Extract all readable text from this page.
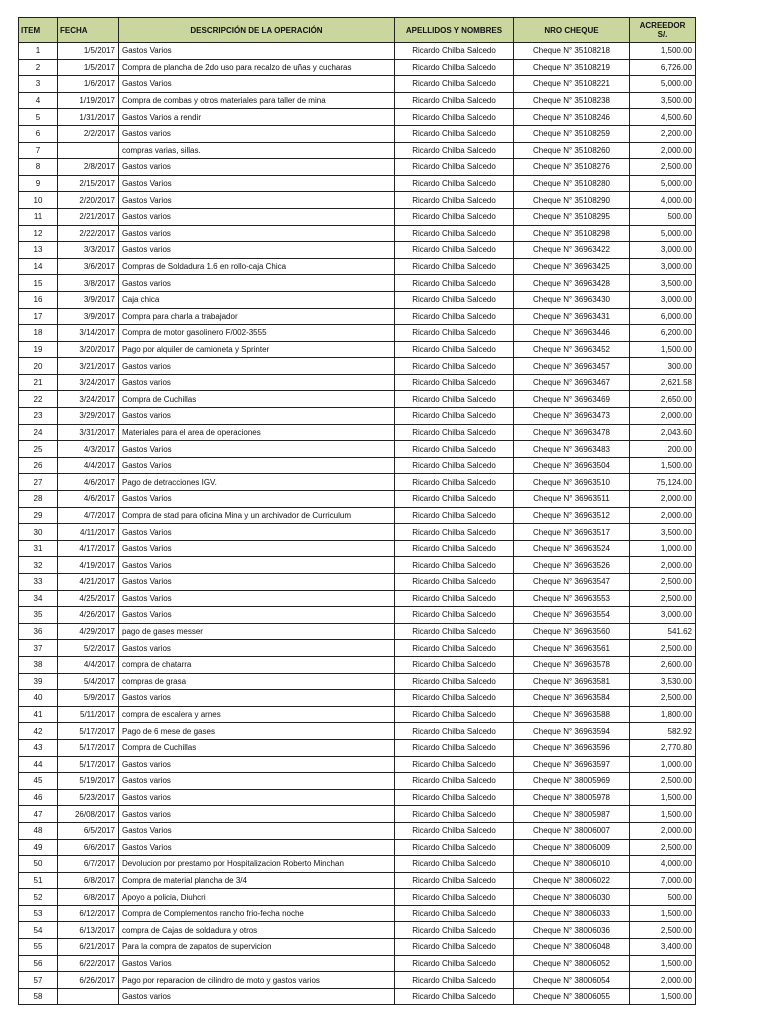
ITEM	FECHA	DESCRIPCIÓN DE LA OPERACIÓN	APELLIDOS Y NOMBRES	NRO CHEQUE	ACREEDOR
S/.
1	1/5/2017	Gastos Varios	Ricardo Chilba Salcedo	Cheque N° 35108218	1,500.00
2	1/5/2017	Compra de plancha de 2do uso para recalzo de uñas y cucharas	Ricardo Chilba Salcedo	Cheque N° 35108219	6,726.00
3	1/6/2017	Gastos Varios	Ricardo Chilba Salcedo	Cheque N° 35108221	5,000.00
4	1/19/2017	Compra de combas y otros materiales para taller de mina	Ricardo Chilba Salcedo	Cheque N° 35108238	3,500.00
5	1/31/2017	Gastos Varios a rendir	Ricardo Chilba Salcedo	Cheque N° 35108246	4,500.60
6	2/2/2017	Gastos varios	Ricardo Chilba Salcedo	Cheque N° 35108259	2,200.00
7		compras varias, sillas.	Ricardo Chilba Salcedo	Cheque N° 35108260	2,000.00
8	2/8/2017	Gastos varios	Ricardo Chilba Salcedo	Cheque N° 35108276	2,500.00
9	2/15/2017	Gastos Varios	Ricardo Chilba Salcedo	Cheque N° 35108280	5,000.00
10	2/20/2017	Gastos Varios	Ricardo Chilba Salcedo	Cheque N° 35108290	4,000.00
11	2/21/2017	Gastos varios	Ricardo Chilba Salcedo	Cheque N° 35108295	500.00
12	2/22/2017	Gastos varios	Ricardo Chilba Salcedo	Cheque N° 35108298	5,000.00
13	3/3/2017	Gastos varios	Ricardo Chilba Salcedo	Cheque N° 36963422	3,000.00
14	3/6/2017	Compras de Soldadura 1.6 en rollo-caja Chica	Ricardo Chilba Salcedo	Cheque N° 36963425	3,000.00
15	3/8/2017	Gastos varios	Ricardo Chilba Salcedo	Cheque N° 36963428	3,500.00
16	3/9/2017	Caja chica	Ricardo Chilba Salcedo	Cheque N° 36963430	3,000.00
17	3/9/2017	Compra para charla a trabajador	Ricardo Chilba Salcedo	Cheque N° 36963431	6,000.00
18	3/14/2017	Compra de motor gasolinero F/002-3555	Ricardo Chilba Salcedo	Cheque N° 36963446	6,200.00
19	3/20/2017	Pago por alquiler de camioneta y Sprinter	Ricardo Chilba Salcedo	Cheque N° 36963452	1,500.00
20	3/21/2017	Gastos varios	Ricardo Chilba Salcedo	Cheque N° 36963457	300.00
21	3/24/2017	Gastos varios	Ricardo Chilba Salcedo	Cheque N° 36963467	2,621.58
22	3/24/2017	Compra de Cuchillas	Ricardo Chilba Salcedo	Cheque N° 36963469	2,650.00
23	3/29/2017	Gastos varios	Ricardo Chilba Salcedo	Cheque N° 36963473	2,000.00
24	3/31/2017	Materiales para el area de operaciones	Ricardo Chilba Salcedo	Cheque N° 36963478	2,043.60
25	4/3/2017	Gastos Varios	Ricardo Chilba Salcedo	Cheque N° 36963483	200.00
26	4/4/2017	Gastos Varios	Ricardo Chilba Salcedo	Cheque N° 36963504	1,500.00
27	4/6/2017	Pago de detracciones IGV.	Ricardo Chilba Salcedo	Cheque N° 36963510	75,124.00
28	4/6/2017	Gastos Varios	Ricardo Chilba Salcedo	Cheque N° 36963511	2,000.00
29	4/7/2017	Compra de stad para oficina Mina y un archivador de Curriculum	Ricardo Chilba Salcedo	Cheque N° 36963512	2,000.00
30	4/11/2017	Gastos Varios	Ricardo Chilba Salcedo	Cheque N° 36963517	3,500.00
31	4/17/2017	Gastos Varios	Ricardo Chilba Salcedo	Cheque N° 36963524	1,000.00
32	4/19/2017	Gastos Varios	Ricardo Chilba Salcedo	Cheque N° 36963526	2,000.00
33	4/21/2017	Gastos Varios	Ricardo Chilba Salcedo	Cheque N° 36963547	2,500.00
34	4/25/2017	Gastos Varios	Ricardo Chilba Salcedo	Cheque N° 36963553	2,500.00
35	4/26/2017	Gastos Varios	Ricardo Chilba Salcedo	Cheque N° 36963554	3,000.00
36	4/29/2017	pago de gases messer	Ricardo Chilba Salcedo	Cheque N° 36963560	541.62
37	5/2/2017	Gastos varios	Ricardo Chilba Salcedo	Cheque N° 36963561	2,500.00
38	4/4/2017	compra de chatarra	Ricardo Chilba Salcedo	Cheque N° 36963578	2,600.00
39	5/4/2017	compras de grasa	Ricardo Chilba Salcedo	Cheque N° 36963581	3,530.00
40	5/9/2017	Gastos varios	Ricardo Chilba Salcedo	Cheque N° 36963584	2,500.00
41	5/11/2017	compra de escalera y arnes	Ricardo Chilba Salcedo	Cheque N° 36963588	1,800.00
42	5/17/2017	Pago de 6 mese de gases	Ricardo Chilba Salcedo	Cheque N° 36963594	582.92
43	5/17/2017	Compra de Cuchillas	Ricardo Chilba Salcedo	Cheque N° 36963596	2,770.80
44	5/17/2017	Gastos varios	Ricardo Chilba Salcedo	Cheque N° 36963597	1,000.00
45	5/19/2017	Gastos varios	Ricardo Chilba Salcedo	Cheque N° 38005969	2,500.00
46	5/23/2017	Gastos varios	Ricardo Chilba Salcedo	Cheque N° 38005978	1,500.00
47	26/08/2017	Gastos varios	Ricardo Chilba Salcedo	Cheque N° 38005987	1,500.00
48	6/5/2017	Gastos Varios	Ricardo Chilba Salcedo	Cheque N° 38006007	2,000.00
49	6/6/2017	Gastos Varios	Ricardo Chilba Salcedo	Cheque N° 38006009	2,500.00
50	6/7/2017	Devolucion por prestamo por Hospitalizacion Roberto Minchan	Ricardo Chilba Salcedo	Cheque N° 38006010	4,000.00
51	6/8/2017	Compra de material plancha de 3/4	Ricardo Chilba Salcedo	Cheque N° 38006022	7,000.00
52	6/8/2017	Apoyo a policia, Diuhcri	Ricardo Chilba Salcedo	Cheque N° 38006030	500.00
53	6/12/2017	Compra de Complementos rancho frio-fecha noche	Ricardo Chilba Salcedo	Cheque N° 38006033	1,500.00
54	6/13/2017	compra de Cajas de soldadura y otros	Ricardo Chilba Salcedo	Cheque N° 38006036	2,500.00
55	6/21/2017	Para la compra de zapatos de supervicion	Ricardo Chilba Salcedo	Cheque N° 38006048	3,400.00
56	6/22/2017	Gastos Varios	Ricardo Chilba Salcedo	Cheque N° 38006052	1,500.00
57	6/26/2017	Pago por reparacion de cilindro de moto y gastos varios	Ricardo Chilba Salcedo	Cheque N° 38006054	2,000.00
58		Gastos varios	Ricardo Chilba Salcedo	Cheque N° 38006055	1,500.00
